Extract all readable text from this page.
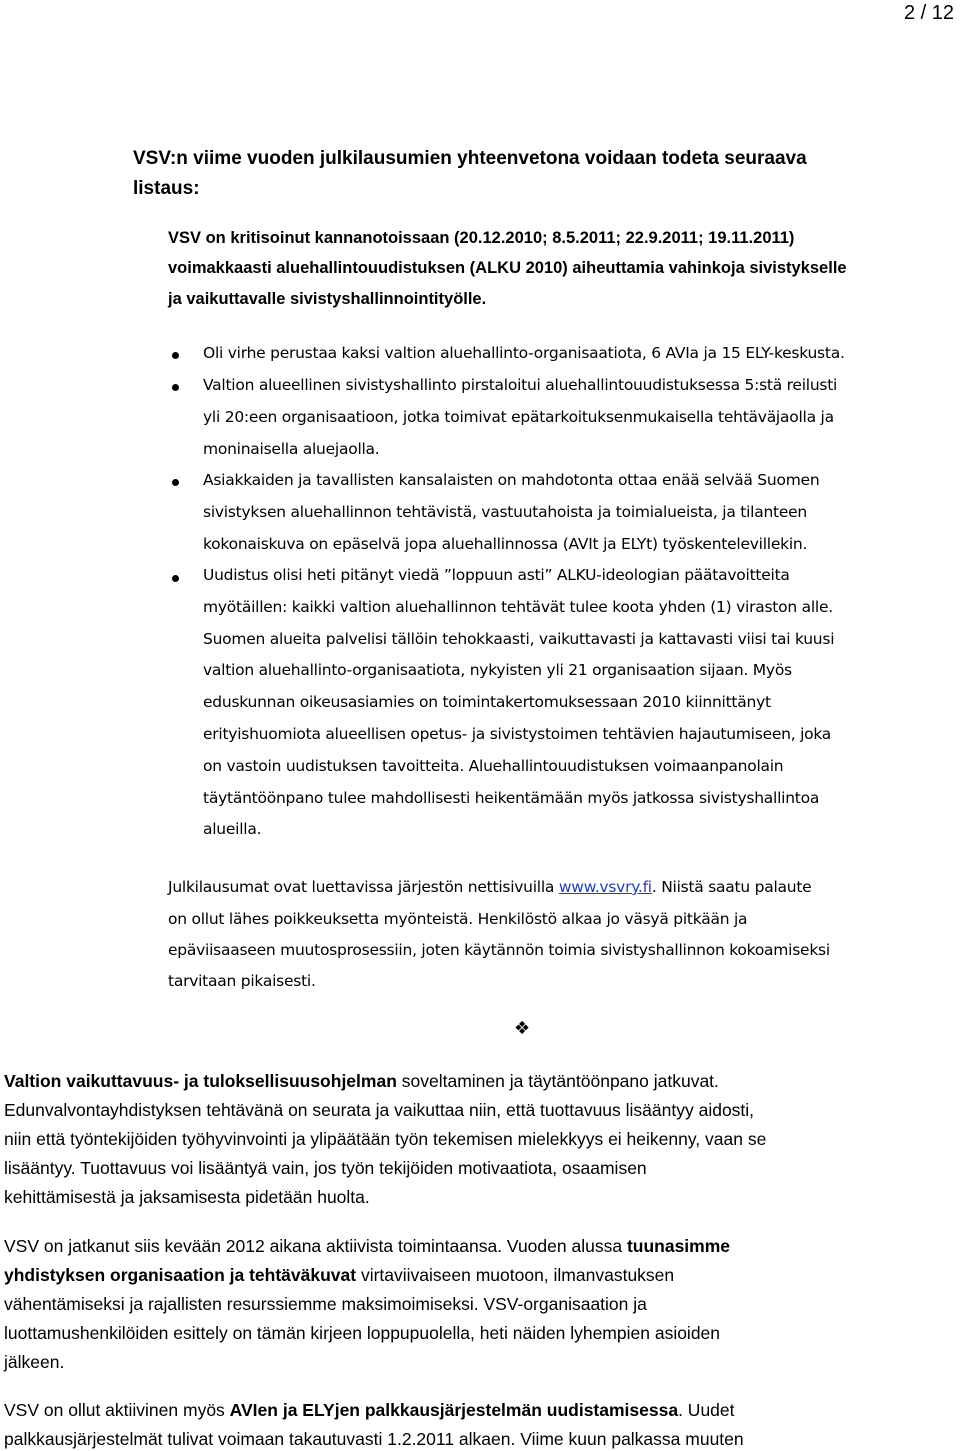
2 / 12
VSV:n viime vuoden julkilausumien yhteenvetona voidaan todeta seuraava
listaus:
VSV on kritisoinut kannanotoissaan (20.12.2010; 8.5.2011; 22.9.2011; 19.11.2011)
voimakkaasti aluehallintouudistuksen (ALKU 2010) aiheuttamia vahinkoja sivistykselle
ja vaikuttavalle sivistyshallinnointityölle.
Oli virhe perustaa kaksi valtion aluehallinto-organisaatiota, 6 AVIa ja 15 ELY-keskusta.
Valtion alueellinen sivistyshallinto pirstaloitui aluehallintouudistuksessa 5:stä reilusti
yli 20:een organisaatioon, jotka toimivat epätarkoituksenmukaisella tehtäväjaolla ja
moninaisella aluejaolla.
Asiakkaiden ja tavallisten kansalaisten on mahdotonta ottaa enää selvää Suomen
sivistyksen aluehallinnon tehtävistä, vastuutahoista ja toimialueista, ja tilanteen
kokonaiskuva on epäselvä jopa aluehallinnossa (AVIt ja ELYt) työskentelevillekin.
Uudistus olisi heti pitänyt viedä ”loppuun asti” ALKU-ideologian päätavoitteita
myötäillen: kaikki valtion aluehallinnon tehtävät tulee koota yhden (1) viraston alle.
Suomen alueita palvelisi tällöin tehokkaasti, vaikuttavasti ja kattavasti viisi tai kuusi
valtion aluehallinto-organisaatiota, nykyisten yli 21 organisaation sijaan. Myös
eduskunnan oikeusasiamies on toimintakertomuksessaan 2010 kiinnittänyt
erityishuomiota alueellisen opetus- ja sivistystoimen tehtävien hajautumiseen, joka
on vastoin uudistuksen tavoitteita. Aluehallintouudistuksen voimaanpanolain
täytäntöönpano tulee mahdollisesti heikentämään myös jatkossa sivistyshallintoa
alueilla.
Julkilausumat ovat luettavissa järjestön nettisivuilla www.vsvry.fi. Niistä saatu palaute
on ollut lähes poikkeuksetta myönteistä. Henkilöstö alkaa jo väsyä pitkään ja
epäviisaaseen muutosprosessiin, joten käytännön toimia sivistyshallinnon kokoamiseksi
tarvitaan pikaisesti.
❖
Valtion vaikuttavuus- ja tuloksellisuusohjelman soveltaminen ja täytäntöönpano jatkuvat.
Edunvalvontayhdistyksen tehtävänä on seurata ja vaikuttaa niin, että tuottavuus lisääntyy aidosti,
niin että työntekijöiden työhyvinvointi ja ylipäätään työn tekemisen mielekkyys ei heikenny, vaan se
lisääntyy. Tuottavuus voi lisääntyä vain, jos työn tekijöiden motivaatiota, osaamisen
kehittämisestä ja jaksamisesta pidetään huolta.
VSV on jatkanut siis kevään 2012 aikana aktiivista toimintaansa. Vuoden alussa tuunasimme
yhdistyksen organisaation ja tehtäväkuvat virtaviivaiseen muotoon, ilmanvastuksen
vähentämiseksi ja rajallisten resurssiemme maksimoimiseksi. VSV-organisaation ja
luottamushenkilöiden esittely on tämän kirjeen loppupuolella, heti näiden lyhempien asioiden
jälkeen.
VSV on ollut aktiivinen myös AVIen ja ELYjen palkkausjärjestelmän uudistamisessa. Uudet
palkkausjärjestelmät tulivat voimaan takautuvasti 1.2.2011 alkaen. Viime kuun palkassa muuten
